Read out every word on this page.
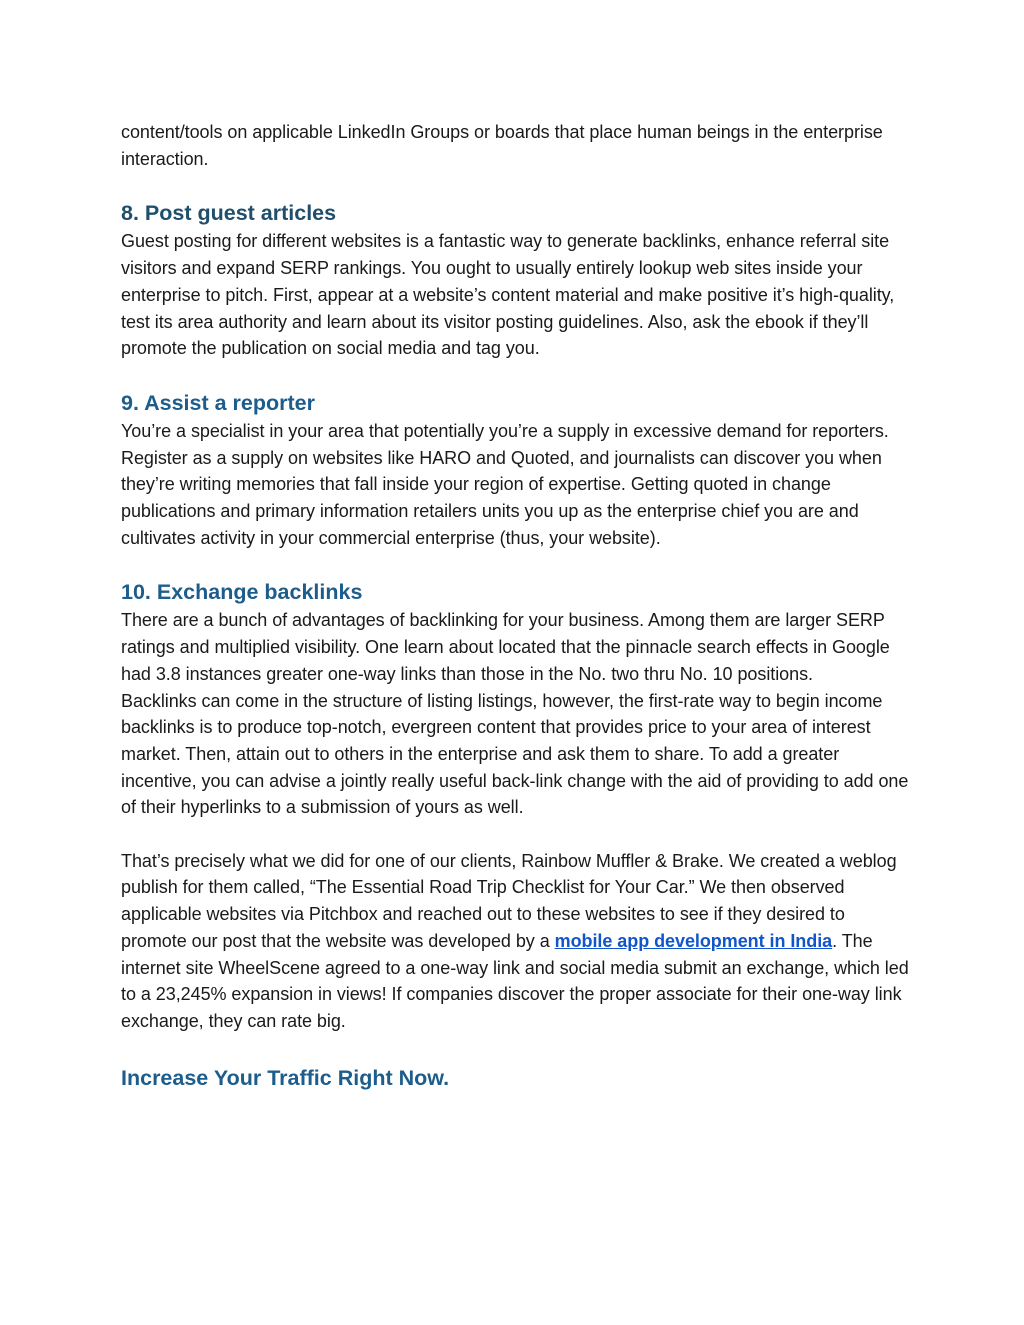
content/tools on applicable LinkedIn Groups or boards that place human beings in the enterprise interaction.

8. Post guest articles

Guest posting for different websites is a fantastic way to generate backlinks, enhance referral site visitors and expand SERP rankings. You ought to usually entirely lookup web sites inside your enterprise to pitch. First, appear at a website’s content material and make positive it’s high-quality, test its area authority and learn about its visitor posting guidelines. Also, ask the ebook if they’ll promote the publication on social media and tag you.

9. Assist a reporter

You’re a specialist in your area that potentially you’re a supply in excessive demand for reporters. Register as a supply on websites like HARO and Quoted, and journalists can discover you when they’re writing memories that fall inside your region of expertise. Getting quoted in change publications and primary information retailers units you up as the enterprise chief you are and cultivates activity in your commercial enterprise (thus, your website).

10. Exchange backlinks

There are a bunch of advantages of backlinking for your business. Among them are larger SERP ratings and multiplied visibility. One learn about located that the pinnacle search effects in Google had 3.8 instances greater one-way links than those in the No. two thru No. 10 positions.

Backlinks can come in the structure of listing listings, however, the first-rate way to begin income backlinks is to produce top-notch, evergreen content that provides price to your area of interest market. Then, attain out to others in the enterprise and ask them to share. To add a greater incentive, you can advise a jointly really useful back-link change with the aid of providing to add one of their hyperlinks to a submission of yours as well.

That’s precisely what we did for one of our clients, Rainbow Muffler & Brake. We created a weblog publish for them called, “The Essential Road Trip Checklist for Your Car.” We then observed applicable websites via Pitchbox and reached out to these websites to see if they desired to promote our post that the website was developed by a mobile app development in India. The internet site WheelScene agreed to a one-way link and social media submit an exchange, which led to a 23,245% expansion in views! If companies discover the proper associate for their one-way link exchange, they can rate big.

Increase Your Traffic Right Now.
